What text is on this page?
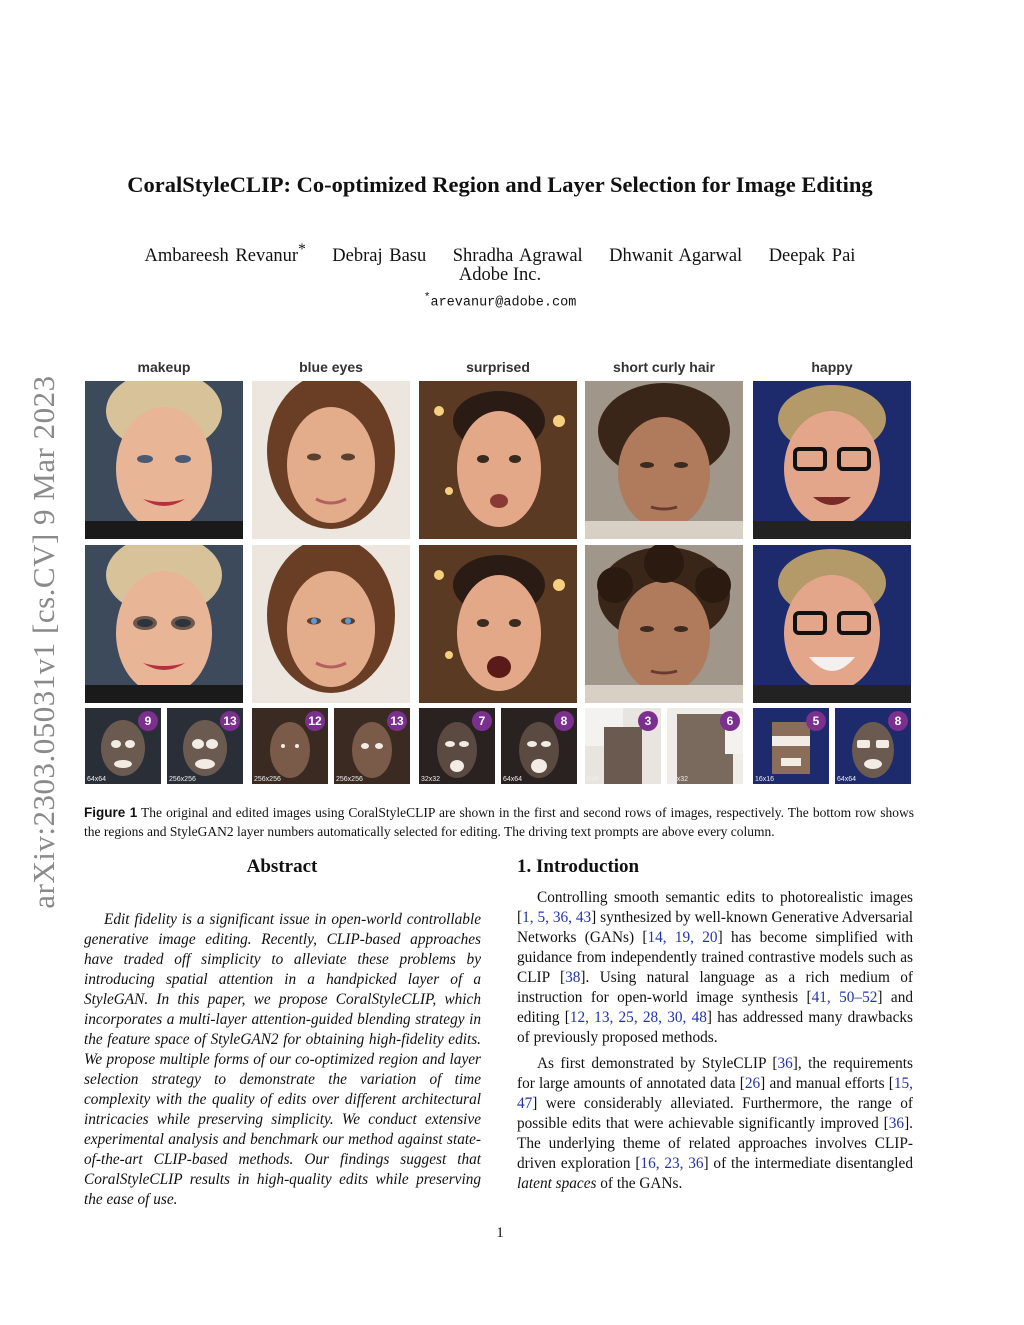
arXiv:2303.05031v1 [cs.CV] 9 Mar 2023
CoralStyleCLIP: Co-optimized Region and Layer Selection for Image Editing
Ambareesh Revanur* Debraj Basu Shradha Agrawal Dhwanit Agarwal Deepak Pai
Adobe Inc.
*arevanur@adobe.com
makeup	blue eyes	surprised	short curly hair	happy
9
64x64
13
256x256
12
256x256
13
256x256
7
32x32
8
64x64
3
8x8
6
32x32
5
16x16
8
64x64
Figure 1 The original and edited images using CoralStyleCLIP are shown in the first and second rows of images, respectively. The bottom row shows the regions and StyleGAN2 layer numbers automatically selected for editing. The driving text prompts are above every column.
Abstract
Edit fidelity is a significant issue in open-world controllable generative image editing. Recently, CLIP-based approaches have traded off simplicity to alleviate these problems by introducing spatial attention in a handpicked layer of a StyleGAN. In this paper, we propose CoralStyleCLIP, which incorporates a multi-layer attention-guided blending strategy in the feature space of StyleGAN2 for obtaining high-fidelity edits. We propose multiple forms of our co-optimized region and layer selection strategy to demonstrate the variation of time complexity with the quality of edits over different architectural intricacies while preserving simplicity. We conduct extensive experimental analysis and benchmark our method against state-of-the-art CLIP-based methods. Our findings suggest that CoralStyleCLIP results in high-quality edits while preserving the ease of use.
1. Introduction

Controlling smooth semantic edits to photorealistic images [1, 5, 36, 43] synthesized by well-known Generative Adversarial Networks (GANs) [14, 19, 20] has become simplified with guidance from independently trained contrastive models such as CLIP [38]. Using natural language as a rich medium of instruction for open-world image synthesis [41, 50–52] and editing [12, 13, 25, 28, 30, 48] has addressed many drawbacks of previously proposed methods.

As first demonstrated by StyleCLIP [36], the requirements for large amounts of annotated data [26] and manual efforts [15, 47] were considerably alleviated. Furthermore, the range of possible edits that were achievable significantly improved [36]. The underlying theme of related approaches involves CLIP-driven exploration [16, 23, 36] of the intermediate disentangled latent spaces of the GANs.

1
